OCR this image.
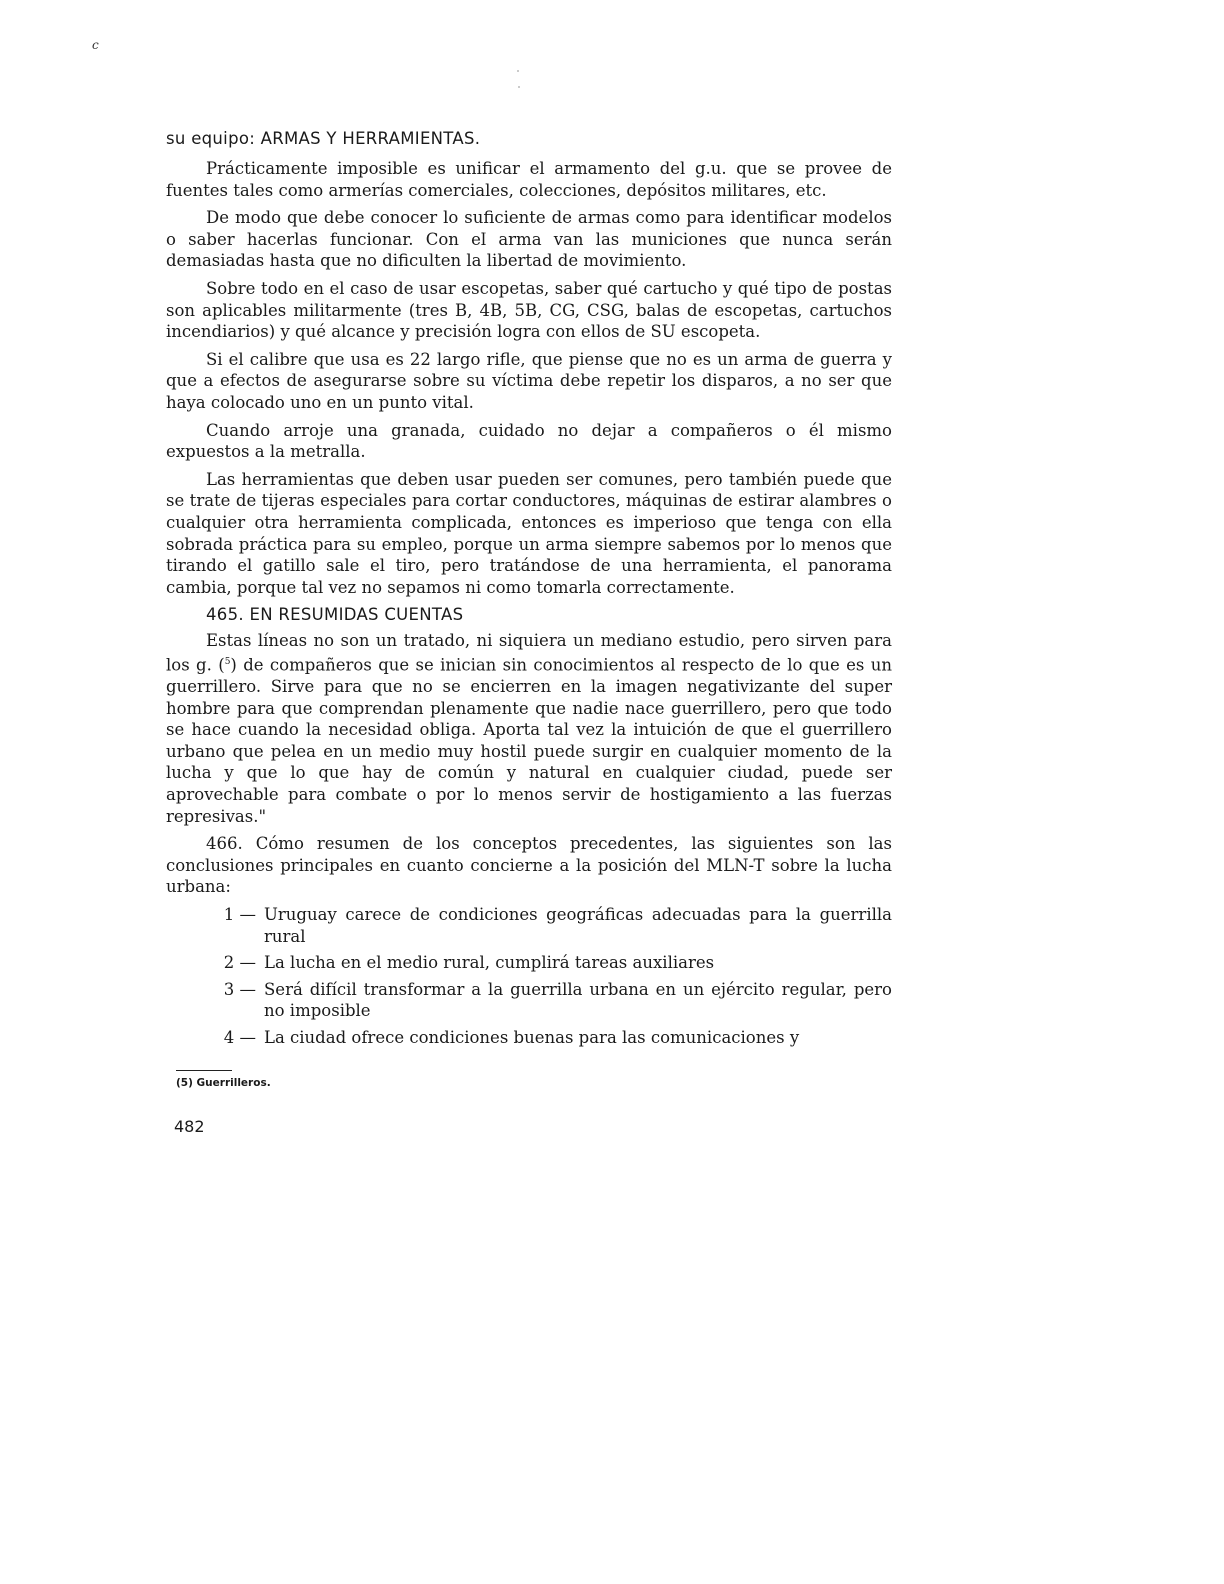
c

su equipo: ARMAS Y HERRAMIENTAS.

Prácticamente imposible es unificar el armamento del g.u. que se provee de fuentes tales como armerías comerciales, colecciones, depósitos militares, etc.

De modo que debe conocer lo suficiente de armas como para identificar modelos o saber hacerlas funcionar. Con el arma van las municiones que nunca serán demasiadas hasta que no dificulten la libertad de movimiento.

Sobre todo en el caso de usar escopetas, saber qué cartucho y qué tipo de postas son aplicables militarmente (tres B, 4B, 5B, CG, CSG, balas de escopetas, cartuchos incendiarios) y qué alcance y precisión logra con ellos de SU escopeta.

Si el calibre que usa es 22 largo rifle, que piense que no es un arma de guerra y que a efectos de asegurarse sobre su víctima debe repetir los disparos, a no ser que haya colocado uno en un punto vital.

Cuando arroje una granada, cuidado no dejar a compañeros o él mismo expuestos a la metralla.

Las herramientas que deben usar pueden ser comunes, pero también puede que se trate de tijeras especiales para cortar conductores, máquinas de estirar alambres o cualquier otra herramienta complicada, entonces es imperioso que tenga con ella sobrada práctica para su empleo, porque un arma siempre sabemos por lo menos que tirando el gatillo sale el tiro, pero tratándose de una herramienta, el panorama cambia, porque tal vez no sepamos ni como tomarla correctamente.

465. EN RESUMIDAS CUENTAS

Estas líneas no son un tratado, ni siquiera un mediano estudio, pero sirven para los g. ($^5$) de compañeros que se inician sin conocimientos al respecto de lo que es un guerrillero. Sirve para que no se encierren en la imagen negativizante del super hombre para que comprendan plenamente que nadie nace guerrillero, pero que todo se hace cuando la necesidad obliga. Aporta tal vez la intuición de que el guerrillero urbano que pelea en un medio muy hostil puede surgir en cualquier momento de la lucha y que lo que hay de común y natural en cualquier ciudad, puede ser aprovechable para combate o por lo menos servir de hostigamiento a las fuerzas represivas."

466. Cómo resumen de los conceptos precedentes, las siguientes son las conclusiones principales en cuanto concierne a la posición del MLN-T sobre la lucha urbana:

1 — Uruguay carece de condiciones geográficas adecuadas para la guerrilla rural
2 — La lucha en el medio rural, cumplirá tareas auxiliares
3 — Será difícil transformar a la guerrilla urbana en un ejército regular, pero no imposible
4 — La ciudad ofrece condiciones buenas para las comunicaciones y
(5) Guerrilleros.
482
